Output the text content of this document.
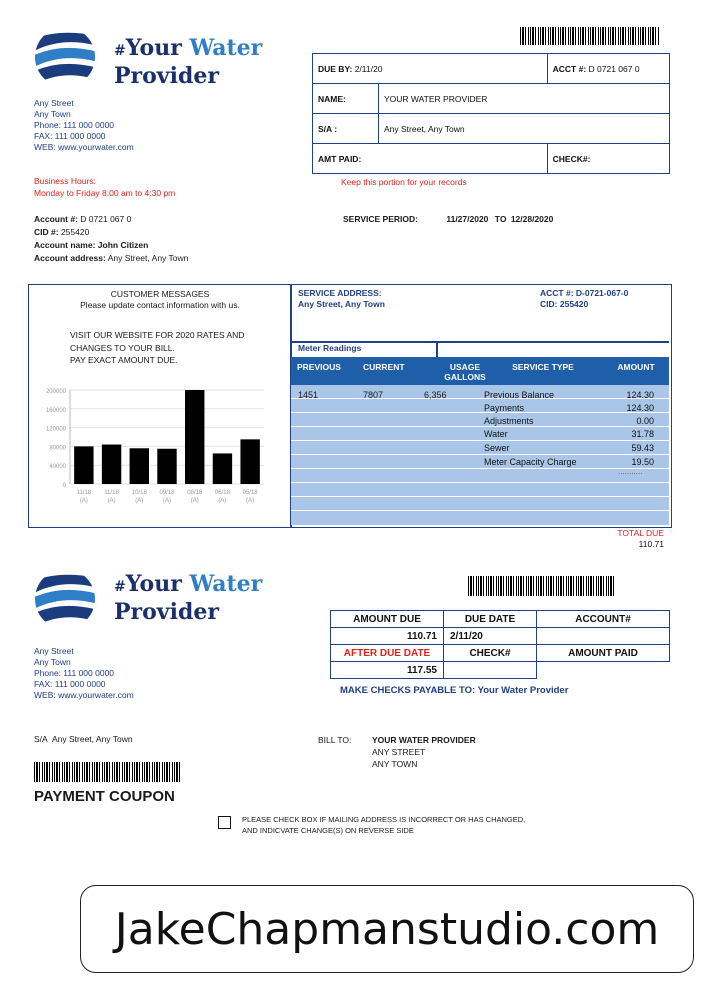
#Your Water
Provider
Any Street
Any Town
Phone: 111 000 0000
FAX: 111 000 0000
WEB: www.yourwater.com
Business Hours:
Monday to Friday 8:00 am to 4:30 pm
DUE BY: 2/11/20		ACCT #: D 0721 067 0
NAME:	YOUR WATER PROVIDER	
S/A :	Any Street, Any Town	
AMT PAID:		CHECK#:
Keep this portion for your records
Account #: D 0721 067 0
CID #: 255420
Account name: John Citizen
Account address: Any Street, Any Town
SERVICE PERIOD:	11/27/2020 TO 12/28/2020
CUSTOMER MESSAGES
Please update contact information with us.
VISIT OUR WEBSITE FOR 2020 RATES AND
CHANGES TO YOUR BILL.
PAY EXACT AMOUNT DUE.
200000
160000
120000
80000
40000
0
11/18
(A)
11/18
(A)
10/18
(A)
09/18
(A)
08/18
(A)
06/18
(A)
05/18
(A)
SERVICE ADDRESS:
Any Street, Any Town
ACCT #: D-0721-067-0
CID: 255420
Meter Readings
PREVIOUS	CURRENT	USAGE GALLONS
SERVICE TYPE	AMOUNT
1451	7807	6,356	Previous Balance	124.30
Payments	124.30
Adjustments	0.00
Water	31.78
Sewer	59.43
Meter Capacity Charge	19.50
...........
TOTAL DUE
110.71
#Your Water
Provider
Any Street
Any Town
Phone: 111 000 0000
FAX: 111 000 0000
WEB: www.yourwater.com
AMOUNT DUE	DUE DATE	ACCOUNT#
110.71	2/11/20	
AFTER DUE DATE	CHECK#	AMOUNT PAID
117.55		
MAKE CHECKS PAYABLE TO: Your Water Provider
S/A Any Street, Any Town	BILL TO: YOUR WATER PROVIDER
ANY STREET
ANY TOWN
PAYMENT COUPON
PLEASE CHECK BOX IF MAILING ADDRESS IS INCORRECT OR HAS CHANGED,
AND INDICVATE CHANGE(S) ON REVERSE SIDE
JakeChapmanstudio.com
